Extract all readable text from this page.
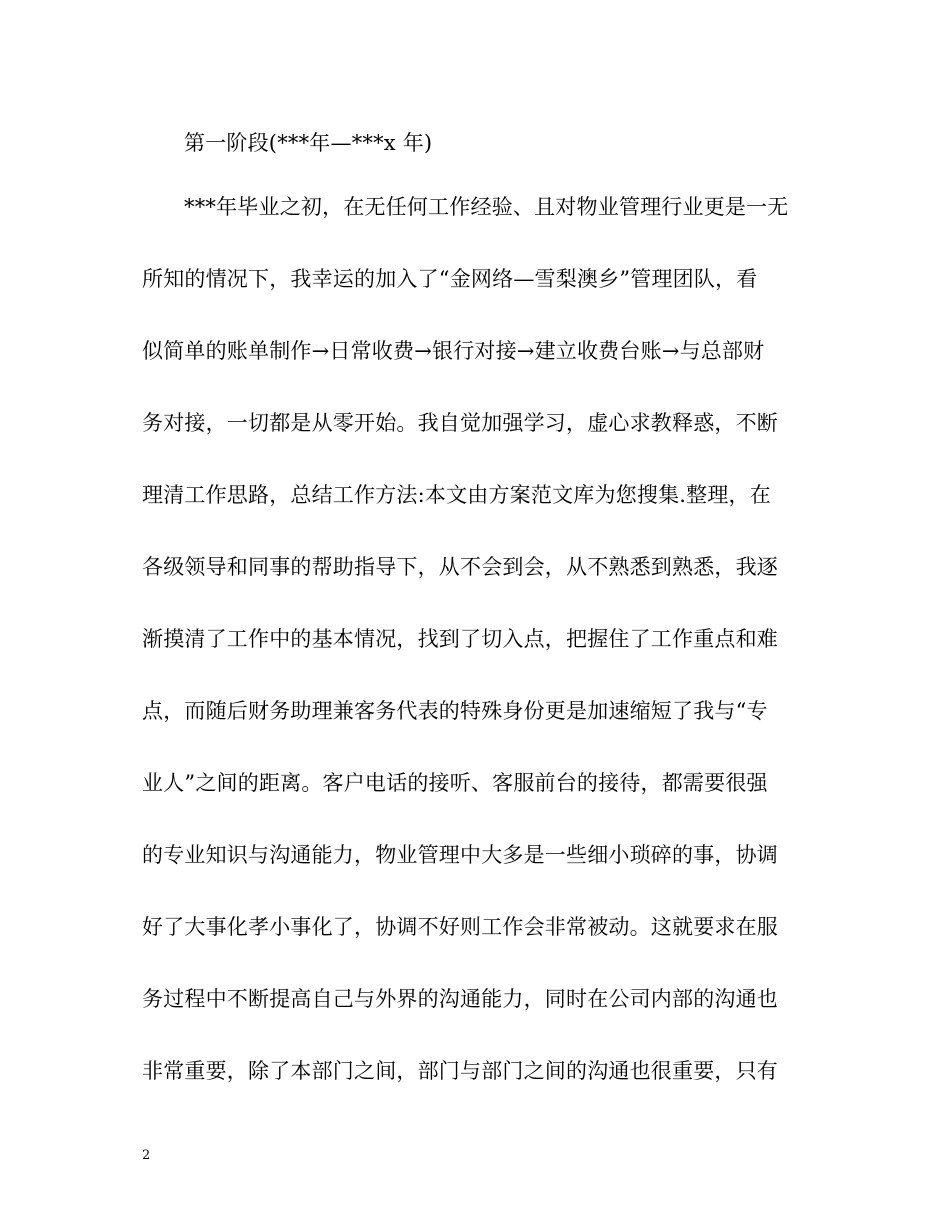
第一阶段(***年—***x 年)
***年毕业之初，在无任何工作经验、且对物业管理行业更是一无
所知的情况下，我幸运的加入了“金网络—雪梨澳乡”管理团队，看
似简单的账单制作→日常收费→银行对接→建立收费台账→与总部财
务对接，一切都是从零开始。我自觉加强学习，虚心求教释惑，不断
理清工作思路，总结工作方法:本文由方案范文库为您搜集.整理，在
各级领导和同事的帮助指导下，从不会到会，从不熟悉到熟悉，我逐
渐摸清了工作中的基本情况，找到了切入点，把握住了工作重点和难
点，而随后财务助理兼客务代表的特殊身份更是加速缩短了我与“专
业人”之间的距离。客户电话的接听、客服前台的接待，都需要很强
的专业知识与沟通能力，物业管理中大多是一些细小琐碎的事，协调
好了大事化孝小事化了，协调不好则工作会非常被动。这就要求在服
务过程中不断提高自己与外界的沟通能力，同时在公司内部的沟通也
非常重要，除了本部门之间，部门与部门之间的沟通也很重要，只有
2
